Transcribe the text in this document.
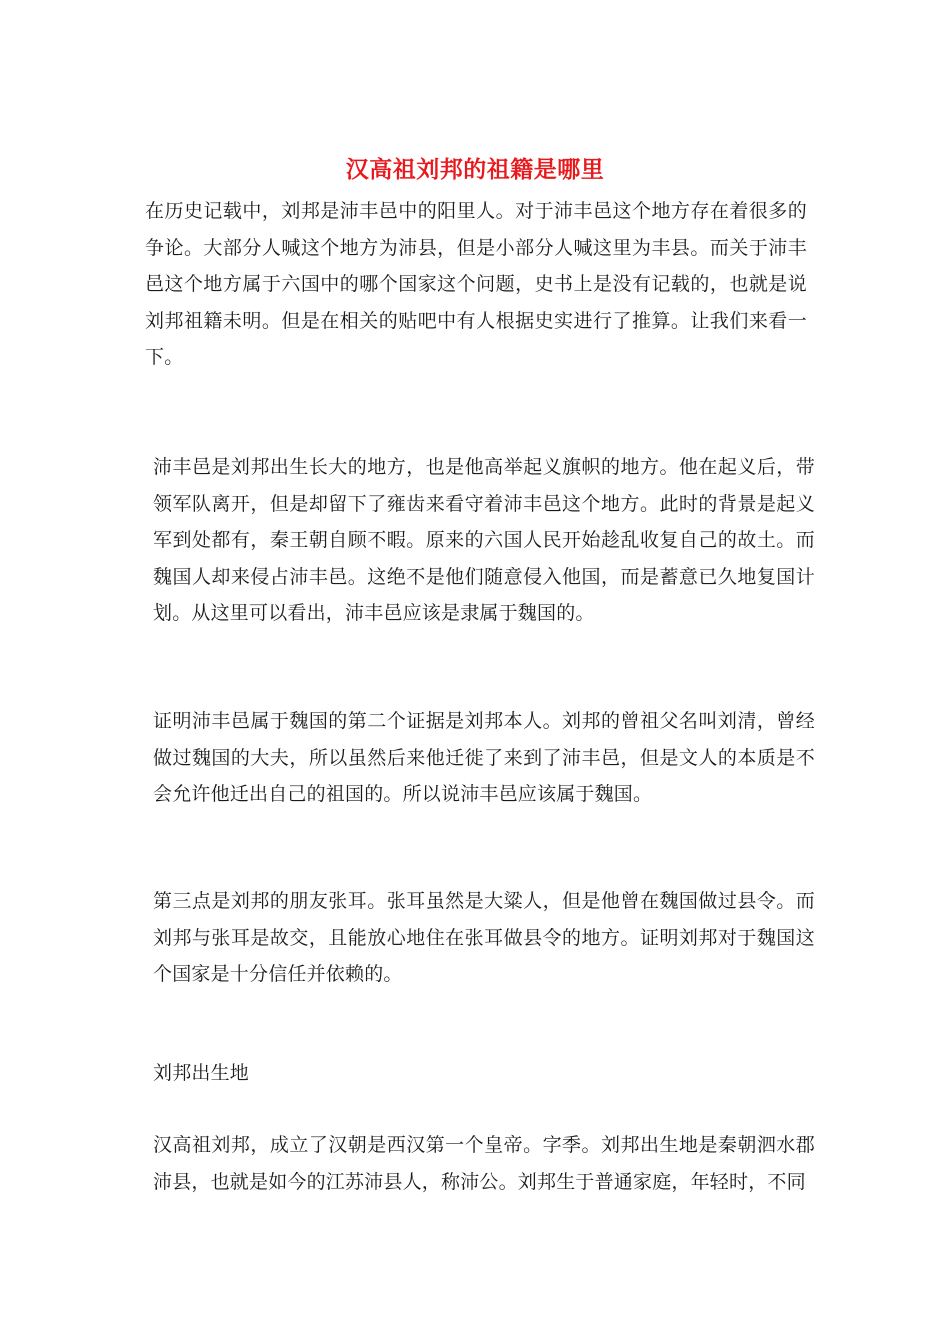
汉高祖刘邦的祖籍是哪里

在历史记载中，刘邦是沛丰邑中的阳里人。对于沛丰邑这个地方存在着很多的争论。大部分人喊这个地方为沛县，但是小部分人喊这里为丰县。而关于沛丰邑这个地方属于六国中的哪个国家这个问题，史书上是没有记载的，也就是说刘邦祖籍未明。但是在相关的贴吧中有人根据史实进行了推算。让我们来看一下。

沛丰邑是刘邦出生长大的地方，也是他高举起义旗帜的地方。他在起义后，带领军队离开，但是却留下了雍齿来看守着沛丰邑这个地方。此时的背景是起义军到处都有，秦王朝自顾不暇。原来的六国人民开始趁乱收复自己的故土。而魏国人却来侵占沛丰邑。这绝不是他们随意侵入他国，而是蓄意已久地复国计划。从这里可以看出，沛丰邑应该是隶属于魏国的。

证明沛丰邑属于魏国的第二个证据是刘邦本人。刘邦的曾祖父名叫刘清，曾经做过魏国的大夫，所以虽然后来他迁徙了来到了沛丰邑，但是文人的本质是不会允许他迁出自己的祖国的。所以说沛丰邑应该属于魏国。

第三点是刘邦的朋友张耳。张耳虽然是大粱人，但是他曾在魏国做过县令。而刘邦与张耳是故交，且能放心地住在张耳做县令的地方。证明刘邦对于魏国这个国家是十分信任并依赖的。

刘邦出生地

汉高祖刘邦，成立了汉朝是西汉第一个皇帝。字季。刘邦出生地是秦朝泗水郡沛县，也就是如今的江苏沛县人，称沛公。刘邦生于普通家庭，年轻时，不同
